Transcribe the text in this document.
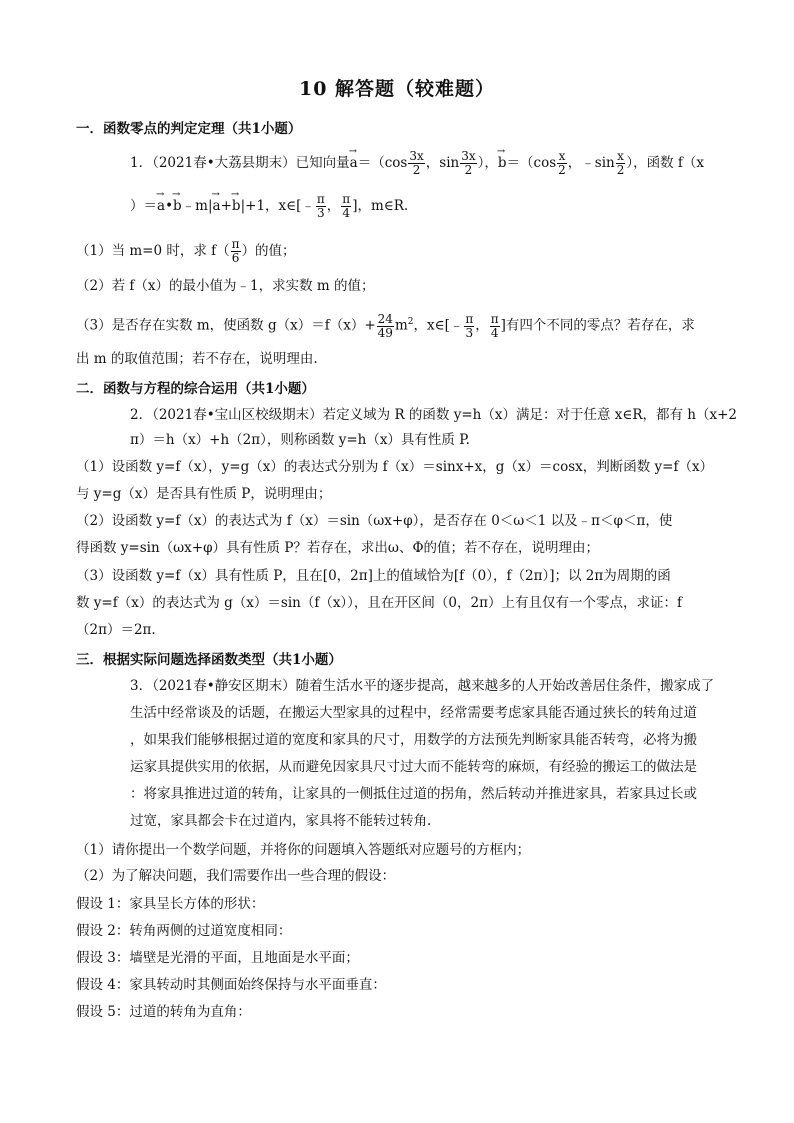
10 解答题（较难题）
一．函数零点的判定定理（共1小题）
1．（2021春•大荔县期末）已知向量→ $a=(\cos \frac{3x}{2}$ ，$\sin \frac{3x}{2}$ ），→ $b=(\cos \frac{x}{2}$ ，﹣sin $\frac{x}{2}$ ），函数 f（x
）＝→ a•→ b﹣m|→ a+→ b|+1，x∈[﹣ $\frac{\pi}{3}$ ， $\frac{\pi}{4}$ ]，m∈R.
（1）当 m=0 时，求 $f( \frac{\pi}{6}$ ）的值；
（2）若 f（x）的最小值为﹣1，求实数 m 的值；
（3）是否存在实数 m，使函数 $g(x)=f(x)+ \frac{24}{49} m^2$，x∈[﹣ $\frac{\pi}{3}$ ， $\frac{\pi}{4}$ ]有四个不同的零点？若存在，求
出 m 的取值范围；若不存在，说明理由.
二．函数与方程的综合运用（共1小题）
2．（2021春•宝山区校级期末）若定义域为 R 的函数 y=h（x）满足：对于任意 x∈R，都有 h（x+2
π）＝h（x）+h（2π），则称函数 y=h（x）具有性质 P.
（1）设函数 y=f（x），y=g（x）的表达式分别为 f（x）＝sinx+x，g（x）＝cosx，判断函数 y=f（x）
与 y=g（x）是否具有性质 P，说明理由；
（2）设函数 y=f（x）的表达式为 f（x）＝sin（ωx+φ），是否存在 0＜ω＜1 以及﹣π＜φ＜π，使
得函数 y=sin（ωx+φ）具有性质 P？若存在，求出ω、Φ的值；若不存在，说明理由；
（3）设函数 y=f（x）具有性质 P，且在[0，2π]上的值域恰为[f（0），f（2π）]；以 2π为周期的函
数 y=f（x）的表达式为 g（x）＝sin（f（x）），且在开区间（0，2π）上有且仅有一个零点，求证：f
（2π）＝2π.
三．根据实际问题选择函数类型（共1小题）
3．（2021春•静安区期末）随着生活水平的逐步提高，越来越多的人开始改善居住条件，搬家成了
生活中经常谈及的话题，在搬运大型家具的过程中，经常需要考虑家具能否通过狭长的转角过道
，如果我们能够根据过道的宽度和家具的尺寸，用数学的方法预先判断家具能否转弯，必将为搬
运家具提供实用的依据，从而避免因家具尺寸过大而不能转弯的麻烦，有经验的搬运工的做法是
：将家具推进过道的转角，让家具的一侧抵住过道的拐角，然后转动并推进家具，若家具过长或
过宽，家具都会卡在过道内，家具将不能转过转角.
（1）请你提出一个数学问题，并将你的问题填入答题纸对应题号的方框内；
（2）为了解决问题，我们需要作出一些合理的假设：
假设 1：家具呈长方体的形状：
假设 2：转角两侧的过道宽度相同：
假设 3：墙壁是光滑的平面，且地面是水平面；
假设 4：家具转动时其侧面始终保持与水平面垂直：
假设 5：过道的转角为直角：
